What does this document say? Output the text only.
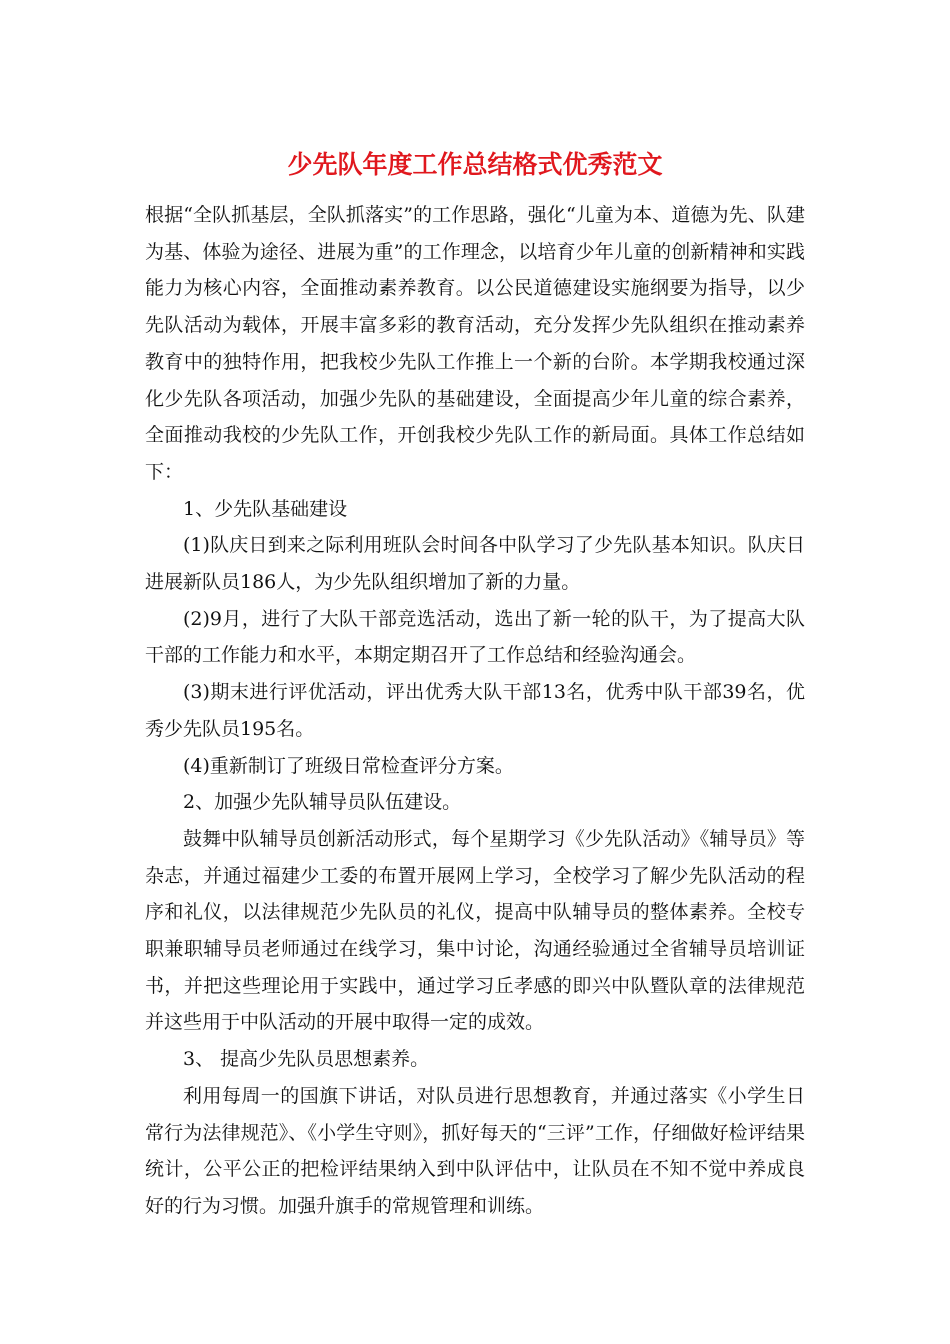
少先队年度工作总结格式优秀范文

根据“全队抓基层，全队抓落实”的工作思路，强化“儿童为本、道德为先、队建为基、体验为途径、进展为重”的工作理念，以培育少年儿童的创新精神和实践能力为核心内容，全面推动素养教育。以公民道德建设实施纲要为指导，以少先队活动为载体，开展丰富多彩的教育活动，充分发挥少先队组织在推动素养教育中的独特作用，把我校少先队工作推上一个新的台阶。本学期我校通过深化少先队各项活动，加强少先队的基础建设，全面提高少年儿童的综合素养，全面推动我校的少先队工作，开创我校少先队工作的新局面。具体工作总结如下：

1、少先队基础建设

(1)队庆日到来之际利用班队会时间各中队学习了少先队基本知识。队庆日进展新队员186人，为少先队组织增加了新的力量。

(2)9月，进行了大队干部竞选活动，选出了新一轮的队干，为了提高大队干部的工作能力和水平，本期定期召开了工作总结和经验沟通会。

(3)期末进行评优活动，评出优秀大队干部13名，优秀中队干部39名，优秀少先队员195名。

(4)重新制订了班级日常检查评分方案。

2、加强少先队辅导员队伍建设。

鼓舞中队辅导员创新活动形式，每个星期学习《少先队活动》《辅导员》等杂志，并通过福建少工委的布置开展网上学习，全校学习了解少先队活动的程序和礼仪，以法律规范少先队员的礼仪，提高中队辅导员的整体素养。全校专职兼职辅导员老师通过在线学习，集中讨论，沟通经验通过全省辅导员培训证书，并把这些理论用于实践中，通过学习丘孝感的即兴中队暨队章的法律规范并这些用于中队活动的开展中取得一定的成效。

3、 提高少先队员思想素养。

利用每周一的国旗下讲话，对队员进行思想教育，并通过落实《小学生日常行为法律规范》、《小学生守则》，抓好每天的“三评”工作，仔细做好检评结果统计，公平公正的把检评结果纳入到中队评估中，让队员在不知不觉中养成良好的行为习惯。加强升旗手的常规管理和训练。
